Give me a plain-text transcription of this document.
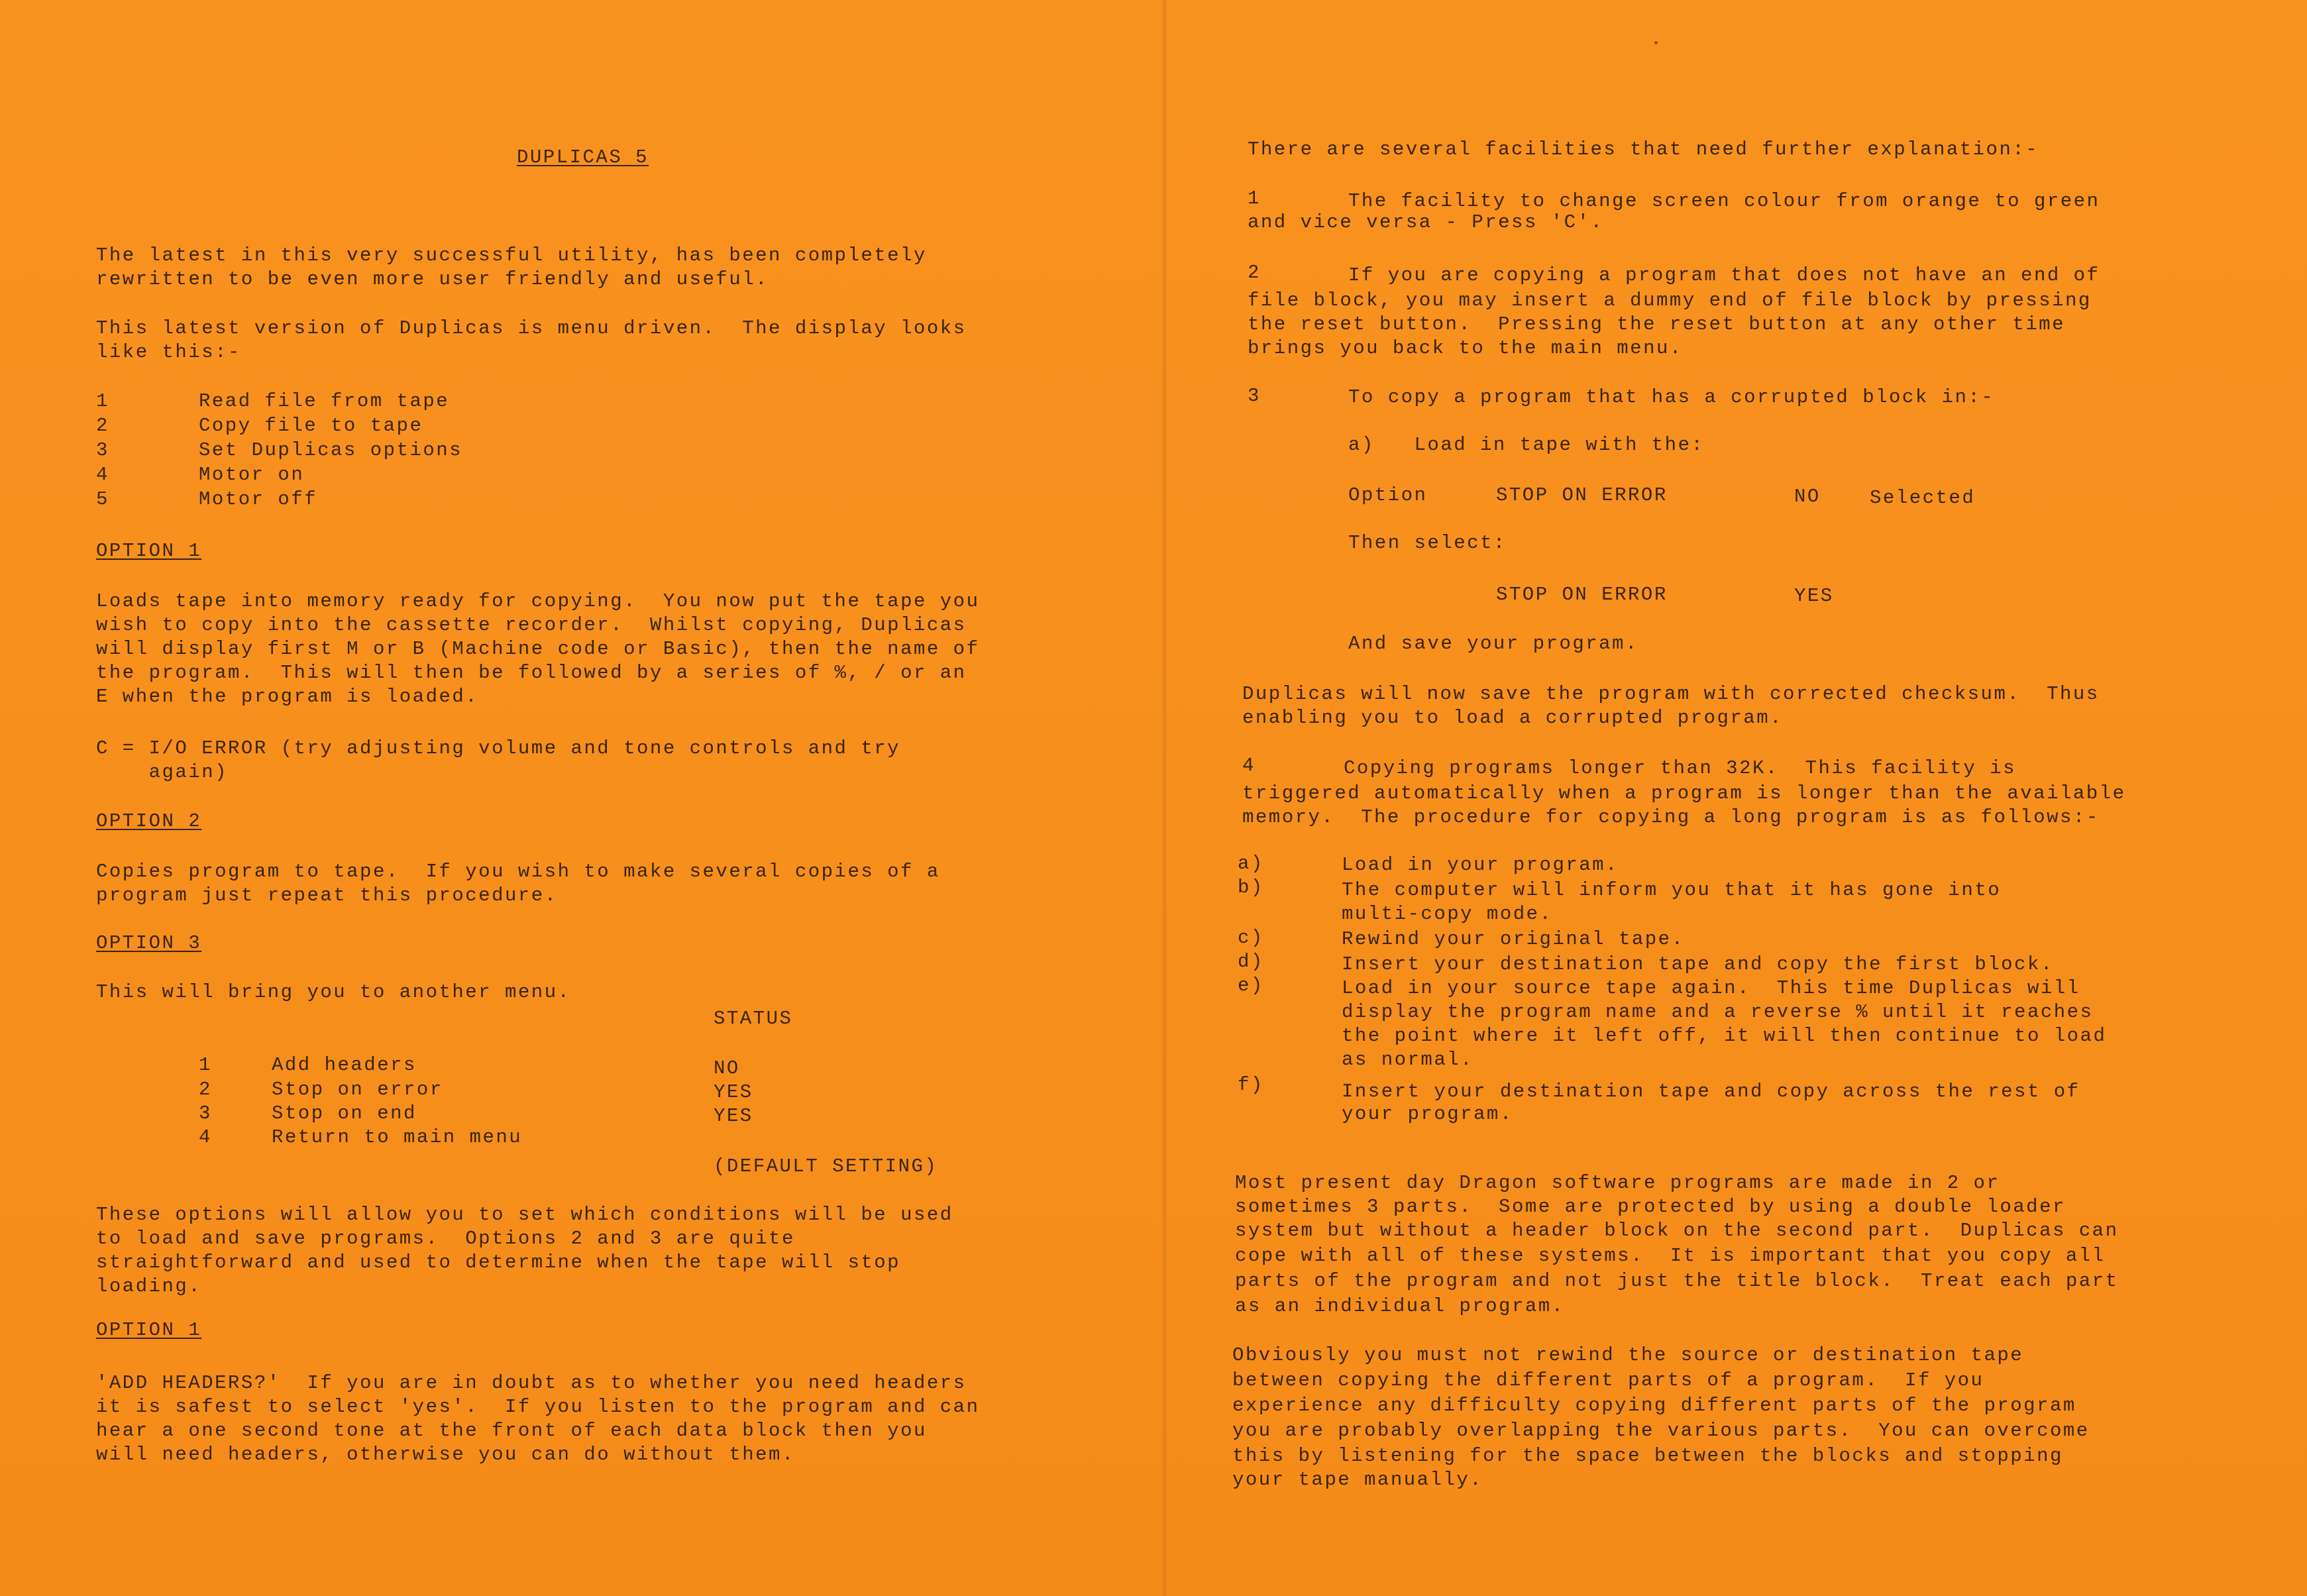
DUPLICAS 5
The latest in this very successful utility, has been completely
rewritten to be even more user friendly and useful.
This latest version of Duplicas is menu driven.  The display looks
like this:-
1	Read file from tape
2	Copy file to tape
3	Set Duplicas options
4	Motor on
5	Motor off
OPTION 1
Loads tape into memory ready for copying.  You now put the tape you
wish to copy into the cassette recorder.  Whilst copying, Duplicas
will display first M or B (Machine code or Basic), then the name of
the program.  This will then be followed by a series of %, / or an
E when the program is loaded.
C = I/O ERROR (try adjusting volume and tone controls and try
again)
OPTION 2
Copies program to tape.  If you wish to make several copies of a
program just repeat this procedure.
OPTION 3
This will bring you to another menu.
STATUS
1	Add headers	NO
2	Stop on error	YES
3	Stop on end	YES
4	Return to main menu
(DEFAULT SETTING)
These options will allow you to set which conditions will be used
to load and save programs.  Options 2 and 3 are quite
straightforward and used to determine when the tape will stop
loading.
OPTION 1
'ADD HEADERS?'  If you are in doubt as to whether you need headers
it is safest to select 'yes'.  If you listen to the program and can
hear a one second tone at the front of each data block then you
will need headers, otherwise you can do without them.
There are several facilities that need further explanation:-
1	The facility to change screen colour from orange to green
and vice versa - Press 'C'.
2	If you are copying a program that does not have an end of
file block, you may insert a dummy end of file block by pressing
the reset button.  Pressing the reset button at any other time
brings you back to the main menu.
3	To copy a program that has a corrupted block in:-
a)   Load in tape with the:
Option	STOP ON ERROR	NO	Selected
Then select:
STOP ON ERROR	YES
And save your program.
Duplicas will now save the program with corrected checksum.  Thus
enabling you to load a corrupted program.
4	Copying programs longer than 32K.  This facility is
triggered automatically when a program is longer than the available
memory.  The procedure for copying a long program is as follows:-
a)	Load in your program.
b)	The computer will inform you that it has gone into
multi-copy mode.
c)	Rewind your original tape.
d)	Insert your destination tape and copy the first block.
e)	Load in your source tape again.  This time Duplicas will
display the program name and a reverse % until it reaches
the point where it left off, it will then continue to load
as normal.
f)	Insert your destination tape and copy across the rest of
your program.
Most present day Dragon software programs are made in 2 or
sometimes 3 parts.  Some are protected by using a double loader
system but without a header block on the second part.  Duplicas can
cope with all of these systems.  It is important that you copy all
parts of the program and not just the title block.  Treat each part
as an individual program.
Obviously you must not rewind the source or destination tape
between copying the different parts of a program.  If you
experience any difficulty copying different parts of the program
you are probably overlapping the various parts.  You can overcome
this by listening for the space between the blocks and stopping
your tape manually.
